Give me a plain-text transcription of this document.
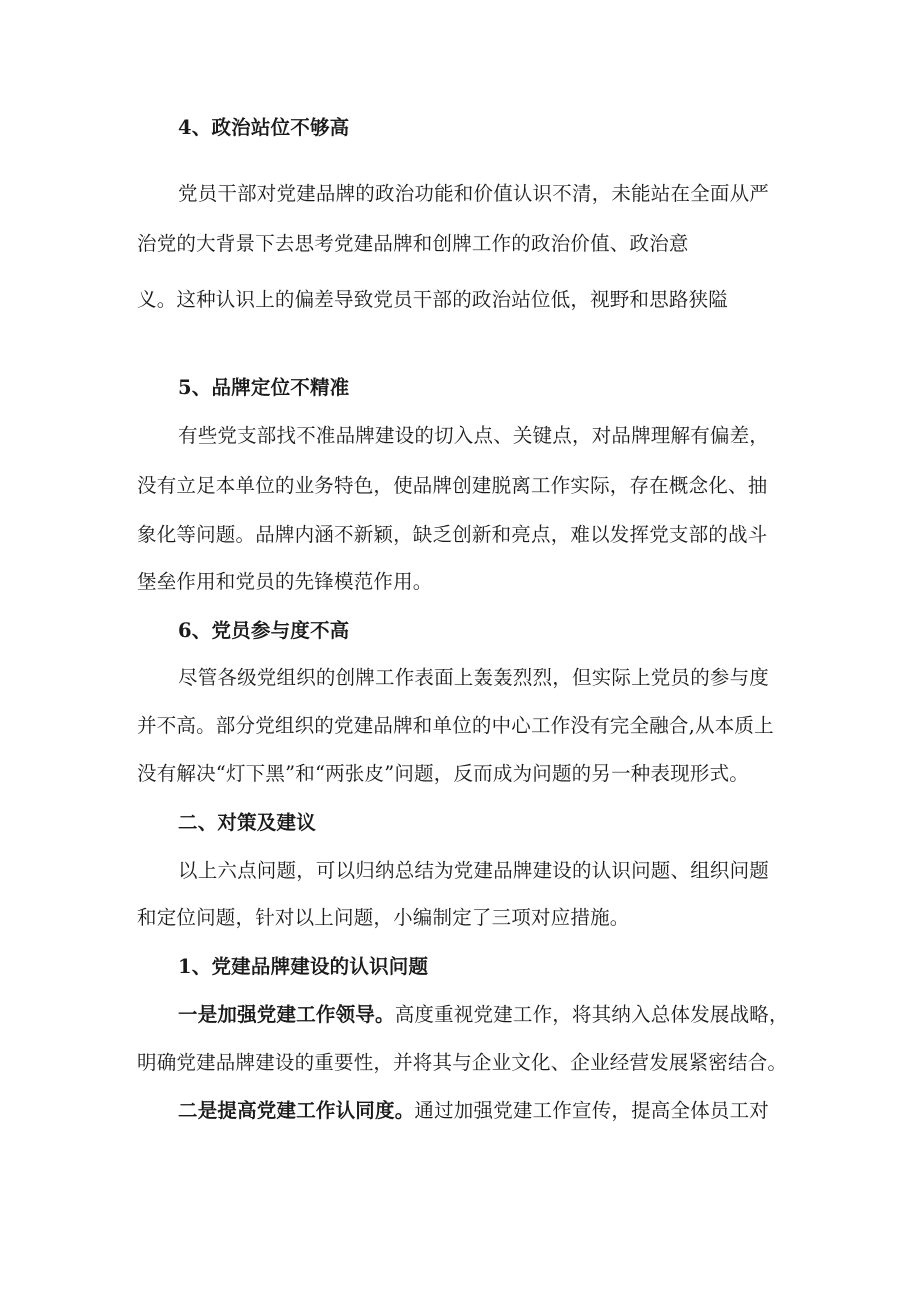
4、政治站位不够高
党员干部对党建品牌的政治功能和价值认识不清，未能站在全面从严
治党的大背景下去思考党建品牌和创牌工作的政治价值、政治意
义。这种认识上的偏差导致党员干部的政治站位低，视野和思路狭隘
5、品牌定位不精准
有些党支部找不准品牌建设的切入点、关键点，对品牌理解有偏差，
没有立足本单位的业务特色，使品牌创建脱离工作实际，存在概念化、抽
象化等问题。品牌内涵不新颖，缺乏创新和亮点，难以发挥党支部的战斗
堡垒作用和党员的先锋模范作用。
6、党员参与度不高
尽管各级党组织的创牌工作表面上轰轰烈烈，但实际上党员的参与度
并不高。部分党组织的党建品牌和单位的中心工作没有完全融合,从本质上
没有解决“灯下黑”和“两张皮”问题，反而成为问题的另一种表现形式。
二、对策及建议
以上六点问题，可以归纳总结为党建品牌建设的认识问题、组织问题
和定位问题，针对以上问题，小编制定了三项对应措施。
1、党建品牌建设的认识问题
一是加强党建工作领导。高度重视党建工作，将其纳入总体发展战略，
明确党建品牌建设的重要性，并将其与企业文化、企业经营发展紧密结合。
二是提高党建工作认同度。通过加强党建工作宣传，提高全体员工对
